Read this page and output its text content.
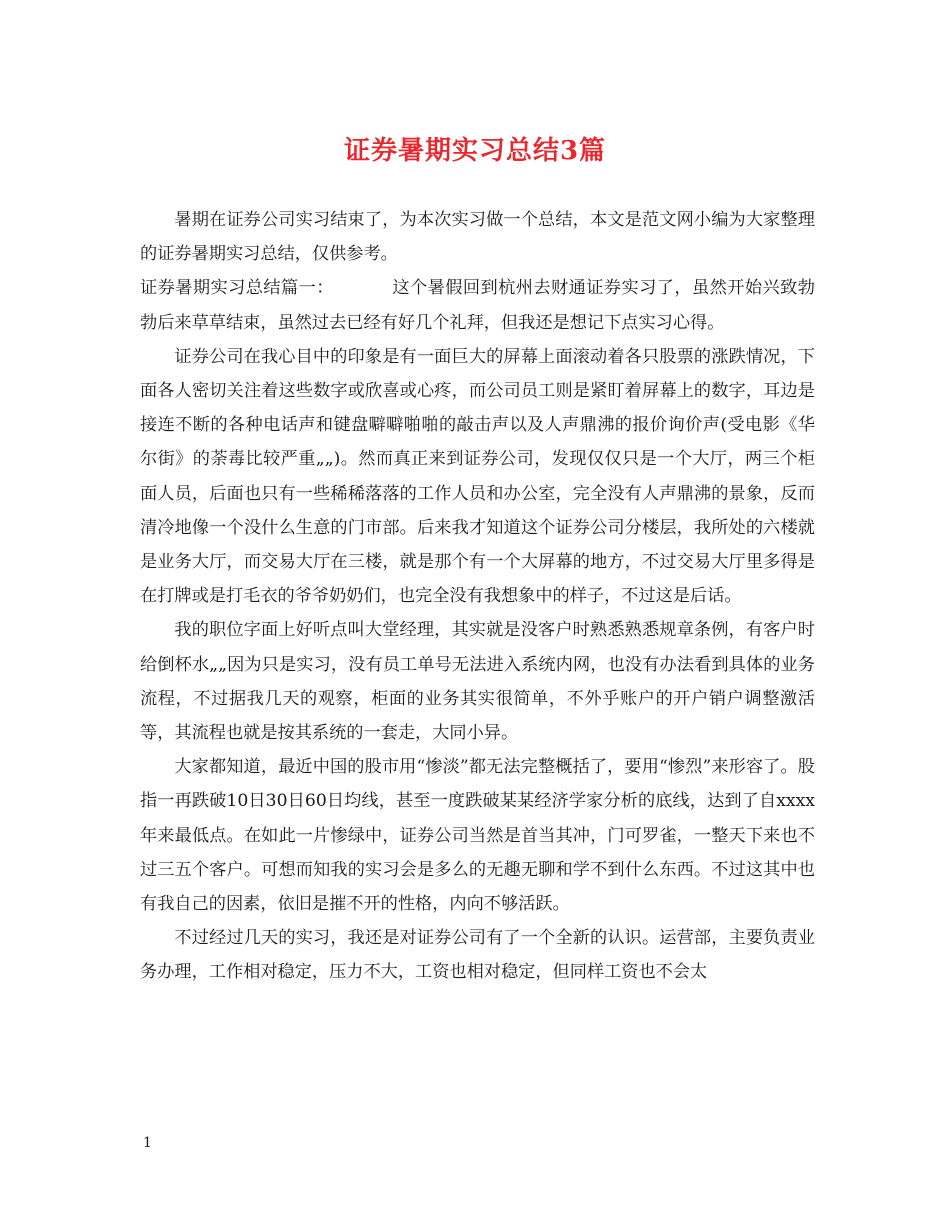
证券暑期实习总结3篇

暑期在证券公司实习结束了，为本次实习做一个总结，本文是范文网小编为大家整理的证券暑期实习总结，仅供参考。

证券暑期实习总结篇一：	这个暑假回到杭州去财通证券实习了，虽然开始兴致勃勃后来草草结束，虽然过去已经有好几个礼拜，但我还是想记下点实习心得。

证券公司在我心目中的印象是有一面巨大的屏幕上面滚动着各只股票的涨跌情况，下面各人密切关注着这些数字或欣喜或心疼，而公司员工则是紧盯着屏幕上的数字，耳边是接连不断的各种电话声和键盘噼噼啪啪的敲击声以及人声鼎沸的报价询价声(受电影《华尔街》的荼毒比较严重„„)。然而真正来到证券公司，发现仅仅只是一个大厅，两三个柜面人员，后面也只有一些稀稀落落的工作人员和办公室，完全没有人声鼎沸的景象，反而清冷地像一个没什么生意的门市部。后来我才知道这个证券公司分楼层，我所处的六楼就是业务大厅，而交易大厅在三楼，就是那个有一个大屏幕的地方，不过交易大厅里多得是在打牌或是打毛衣的爷爷奶奶们，也完全没有我想象中的样子，不过这是后话。

我的职位字面上好听点叫大堂经理，其实就是没客户时熟悉熟悉规章条例，有客户时给倒杯水„„因为只是实习，没有员工单号无法进入系统内网，也没有办法看到具体的业务流程，不过据我几天的观察，柜面的业务其实很简单，不外乎账户的开户销户调整激活等，其流程也就是按其系统的一套走，大同小异。

大家都知道，最近中国的股市用“惨淡”都无法完整概括了，要用“惨烈”来形容了。股指一再跌破10日30日60日均线，甚至一度跌破某某经济学家分析的底线，达到了自xxxx年来最低点。在如此一片惨绿中，证券公司当然是首当其冲，门可罗雀，一整天下来也不过三五个客户。可想而知我的实习会是多么的无趣无聊和学不到什么东西。不过这其中也有我自己的因素，依旧是摧不开的性格，内向不够活跃。

不过经过几天的实习，我还是对证券公司有了一个全新的认识。运营部，主要负责业务办理，工作相对稳定，压力不大，工资也相对稳定，但同样工资也不会太

1
